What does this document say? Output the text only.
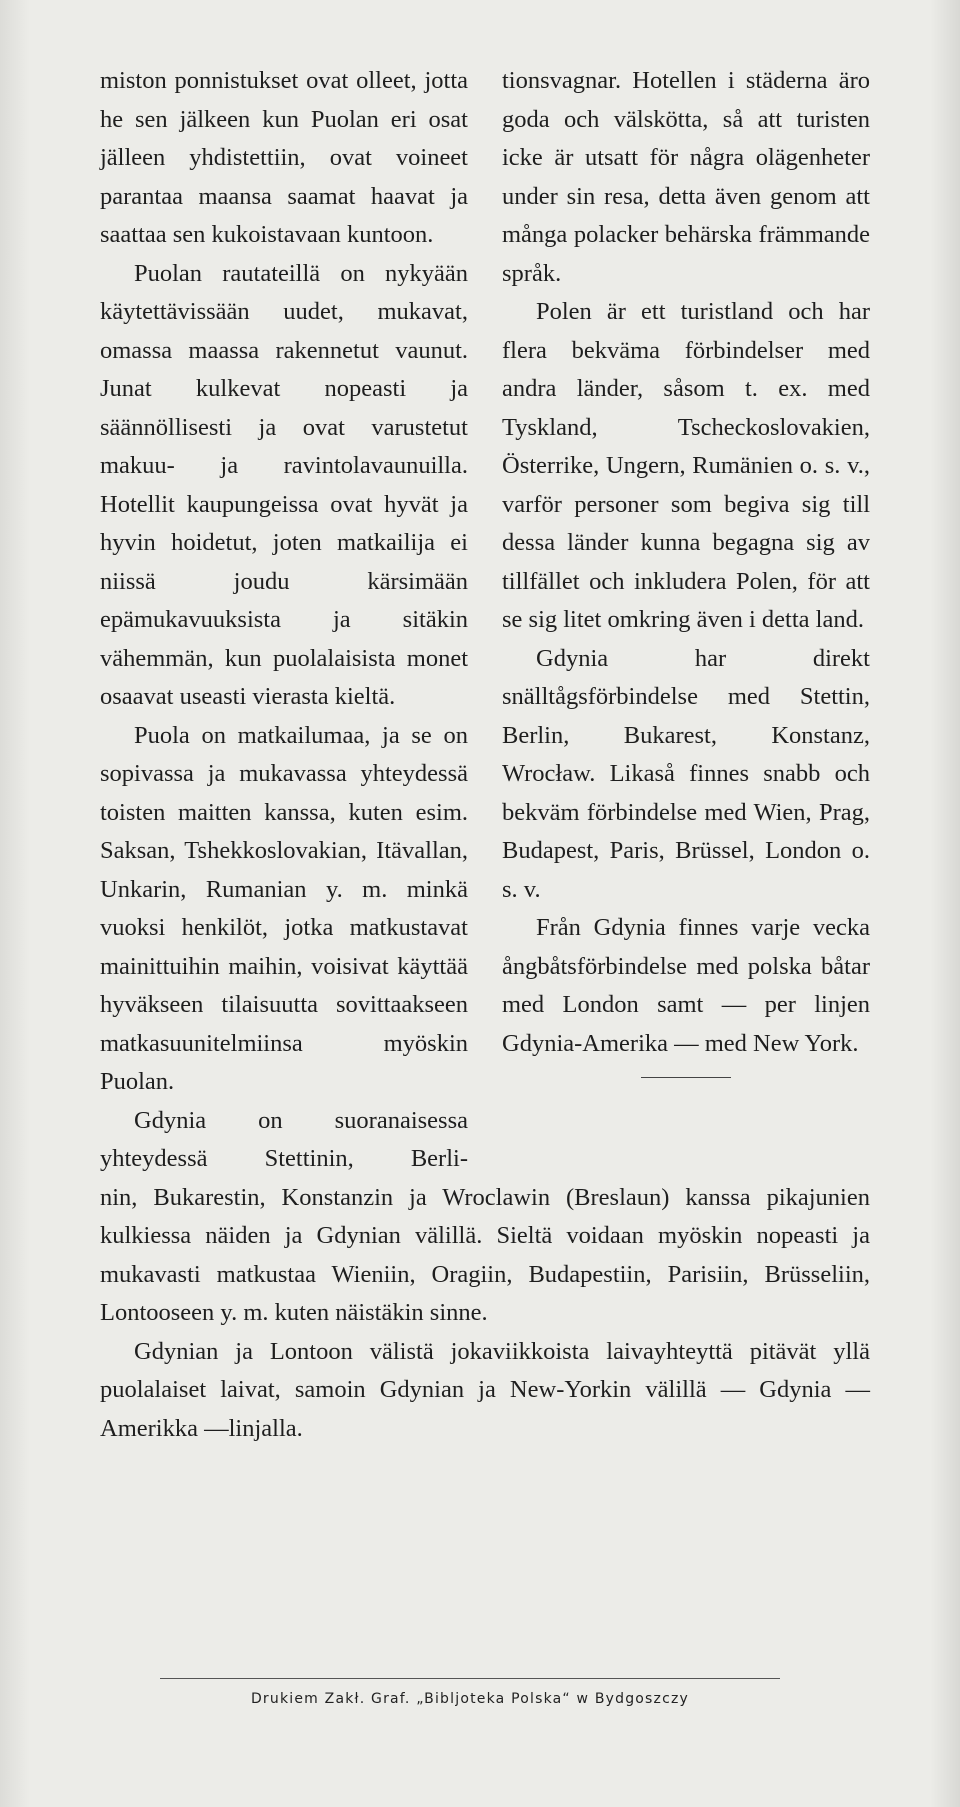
miston ponnistukset ovat olleet, jotta he sen jälkeen kun Puolan eri osat jälleen yhdistettiin, ovat voineet parantaa maansa saamat haavat ja saattaa sen kukoistavaan kuntoon.

Puolan rautateillä on nykyään käytettävissään uudet, mukavat, omassa maassa rakennetut vaunut. Junat kulkevat nopeasti ja säännöllisesti ja ovat varustetut makuu- ja ravintolavaunuilla. Hotellit kaupungeissa ovat hyvät ja hyvin hoidetut, joten matkailija ei niissä joudu kärsimään epämukavuuksista ja sitäkin vähemmän, kun puolalaisista monet osaavat useasti vierasta kieltä.

Puola on matkailumaa, ja se on sopivassa ja mukavassa yhteydessä toisten maitten kanssa, kuten esim. Saksan, Tshekkoslovakian, Itävallan, Unkarin, Rumanian y. m. minkä vuoksi henkilöt, jotka matkustavat mainittuihin maihin, voisivat käyttää hyväkseen tilaisuutta sovittaakseen matkasuunitelmiinsa myöskin Puolan.

Gdynia on suoranaisessa yhteydessä Stettinin, Berli-

tionsvagnar. Hotellen i städerna äro goda och välskötta, så att turisten icke är utsatt för några olägenheter under sin resa, detta även genom att många polacker behärska främmande språk.

Polen är ett turistland och har flera bekväma förbindelser med andra länder, såsom t. ex. med Tyskland, Tscheckoslovakien, Österrike, Ungern, Rumänien o. s. v., varför personer som begiva sig till dessa länder kunna begagna sig av tillfället och inkludera Polen, för att se sig litet omkring även i detta land.

Gdynia har direkt snälltågsförbindelse med Stettin, Berlin, Bukarest, Konstanz, Wrocław. Likaså finnes snabb och bekväm förbindelse med Wien, Prag, Budapest, Paris, Brüssel, London o. s. v.

Från Gdynia finnes varje vecka ångbåtsförbindelse med polska båtar med London samt — per linjen Gdynia-Amerika — med New York.

nin, Bukarestin, Konstanzin ja Wroclawin (Breslaun) kanssa pikajunien kulkiessa näiden ja Gdynian välillä. Sieltä voidaan myöskin nopeasti ja mukavasti matkustaa Wieniin, Oragiin, Budapestiin, Parisiin, Brüsseliin, Lontooseen y. m. kuten näistäkin sinne.

Gdynian ja Lontoon välistä jokaviikkoista laivayhteyttä pitävät yllä puolalaiset laivat, samoin Gdynian ja New-Yorkin välillä — Gdynia — Amerikka —linjalla.

Drukiem Zakł. Graf. „Bibljoteka Polska“ w Bydgoszczy
